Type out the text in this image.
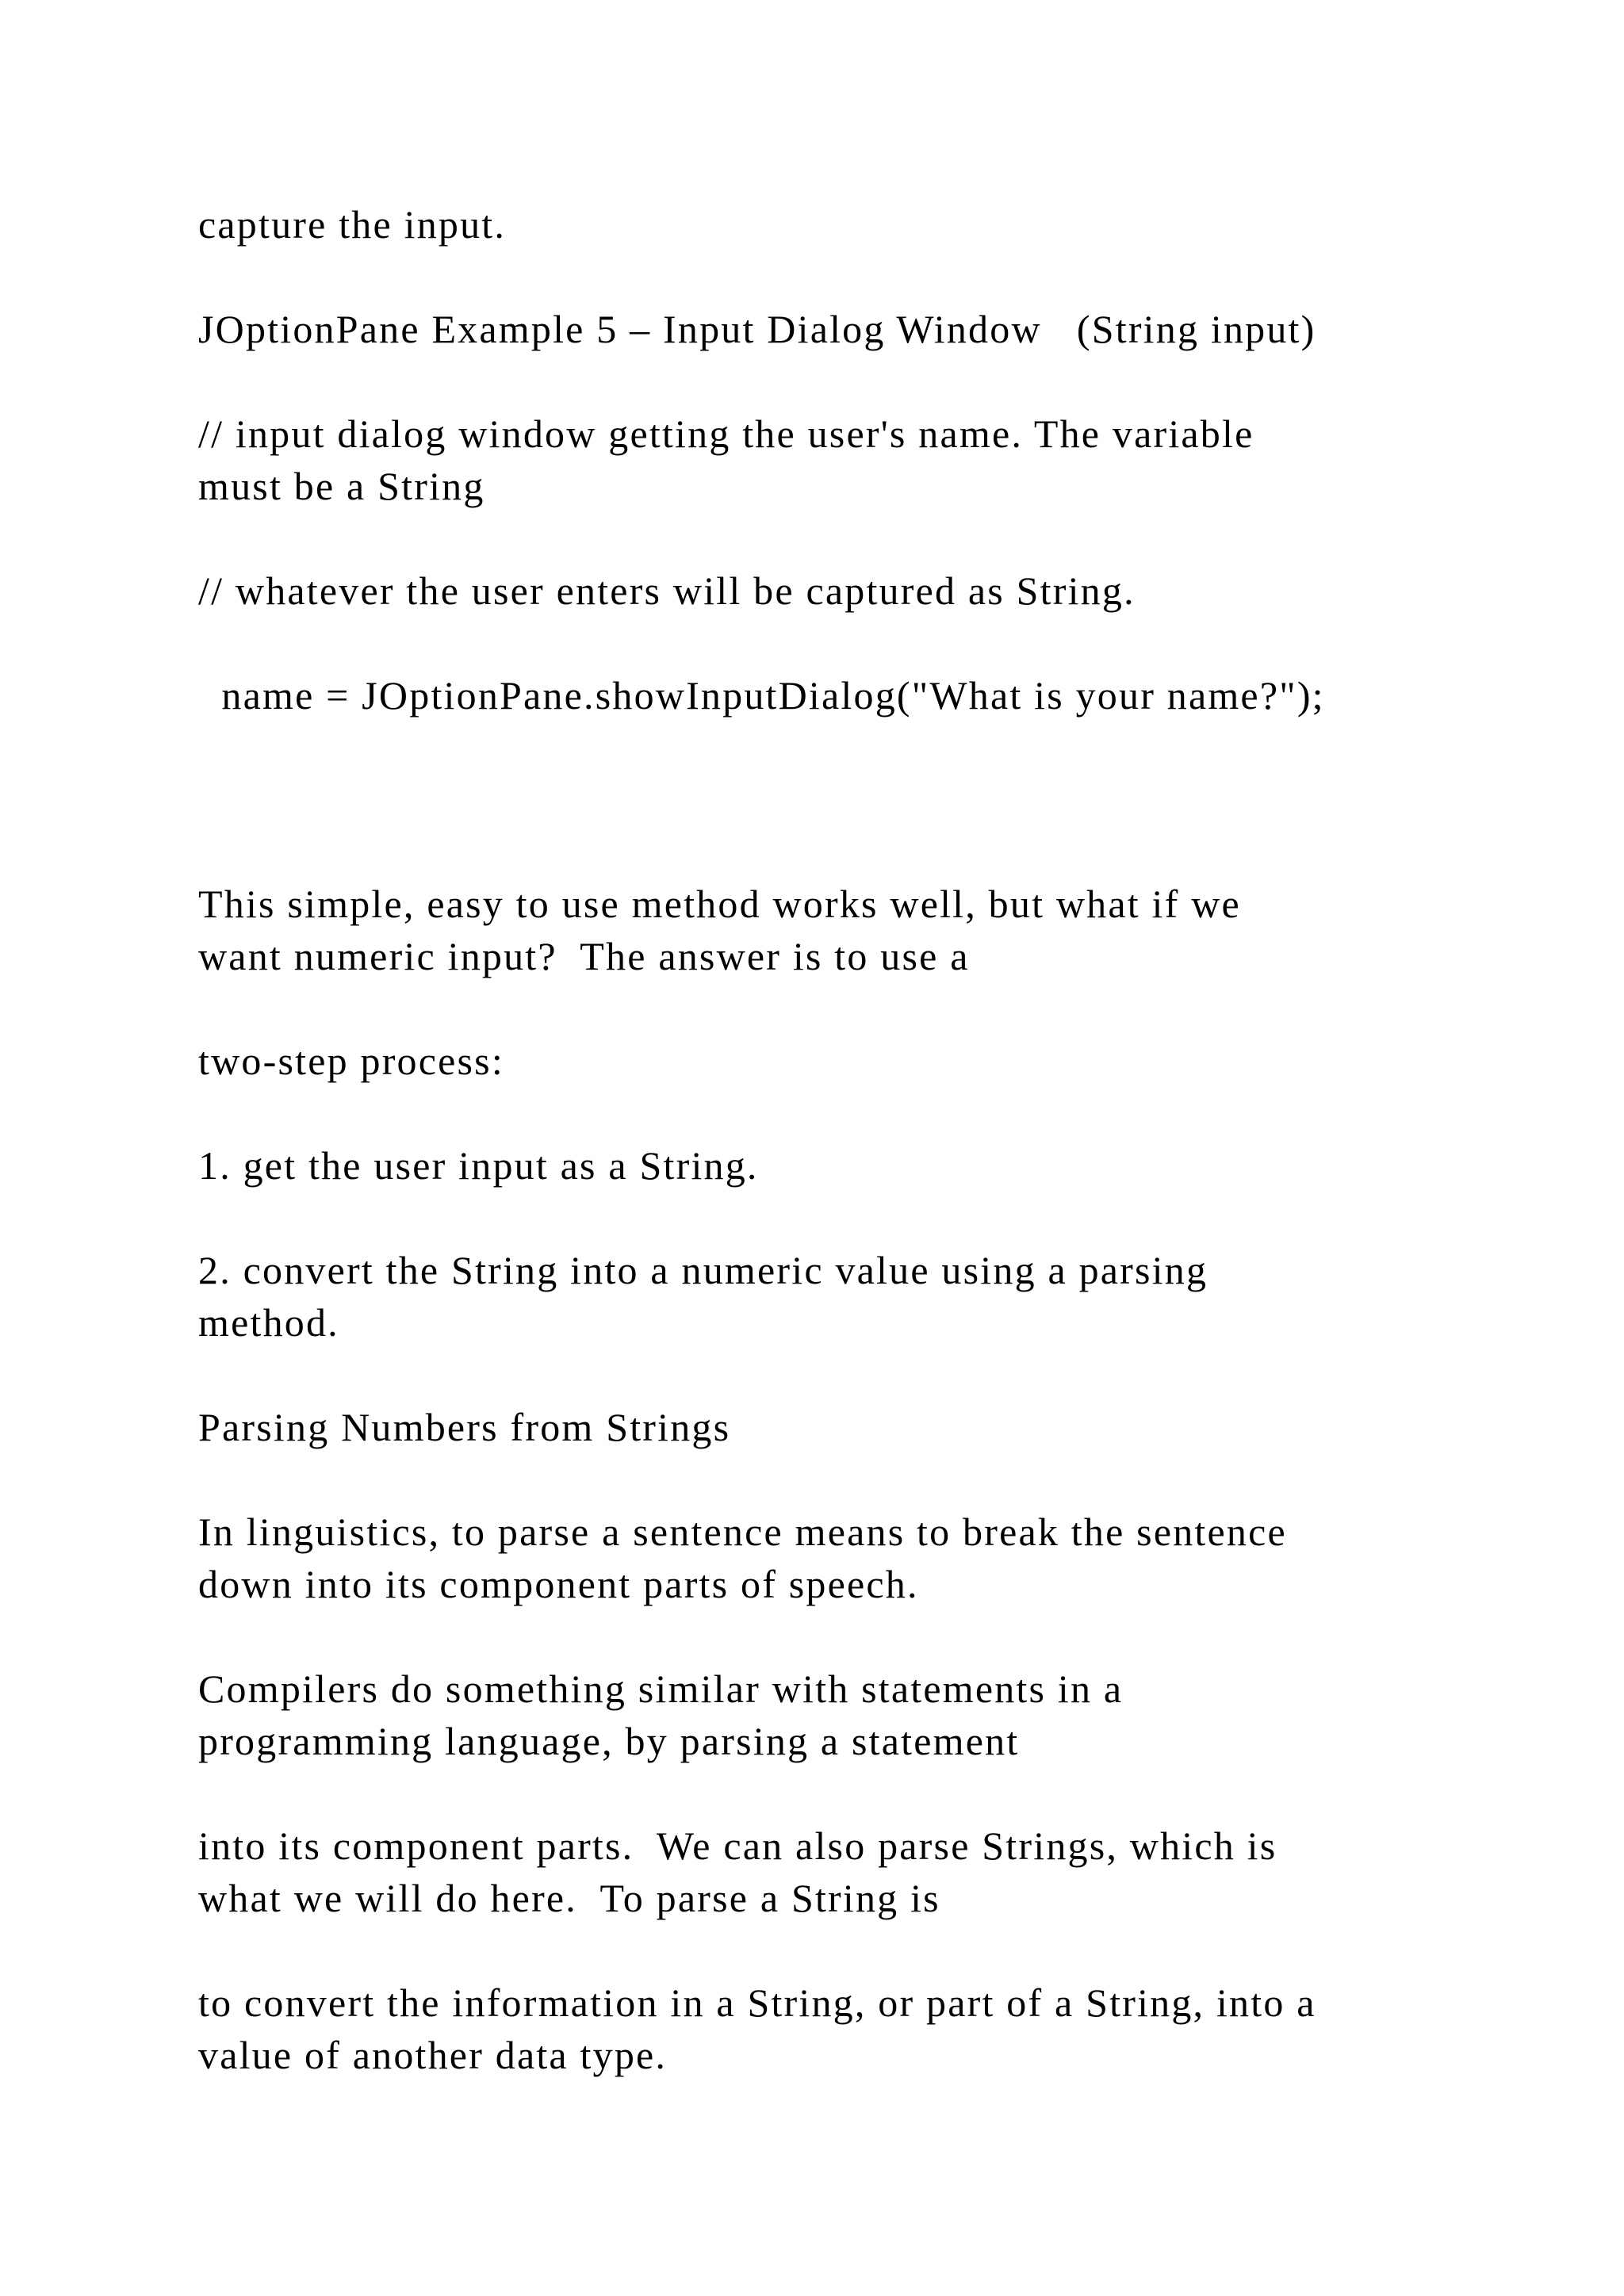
capture the input.

JOptionPane Example 5 – Input Dialog Window   (String input)

// input dialog window getting the user's name. The variable

must be a String

// whatever the user enters will be captured as String.

name = JOptionPane.showInputDialog("What is your name?");

This simple, easy to use method works well, but what if we

want numeric input?  The answer is to use a

two-step process:

1. get the user input as a String.

2. convert the String into a numeric value using a parsing

method.

Parsing Numbers from Strings

In linguistics, to parse a sentence means to break the sentence

down into its component parts of speech.

Compilers do something similar with statements in a

programming language, by parsing a statement

into its component parts.  We can also parse Strings, which is

what we will do here.  To parse a String is

to convert the information in a String, or part of a String, into a

value of another data type.
